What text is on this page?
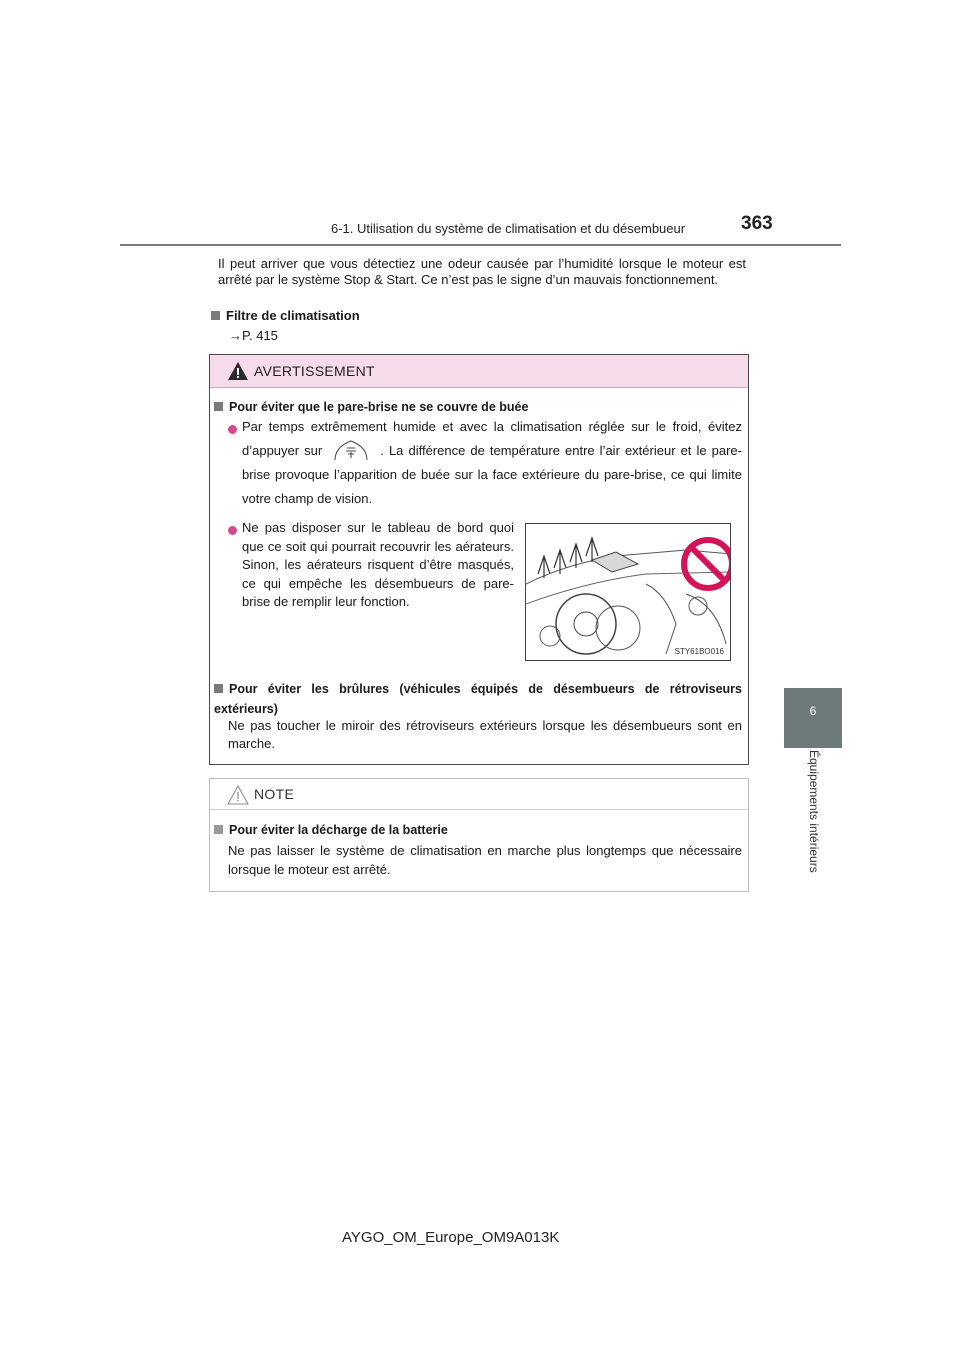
6-1. Utilisation du système de climatisation et du désembueur	363
6
Équipements intérieurs
Il peut arriver que vous détectiez une odeur causée par l’humidité lorsque le moteur est arrêté par le système Stop & Start. Ce n’est pas le signe d’un mauvais fonctionnement.
Filtre de climatisation
→P. 415
AVERTISSEMENT
Pour éviter que le pare-brise ne se couvre de buée
Par temps extrêmement humide et avec la climatisation réglée sur le froid, évitez d’appuyer sur	. La différence de température entre l’air extérieur et le pare-brise provoque l’apparition de buée sur la face extérieure du pare-brise, ce qui limite votre champ de vision.
Ne pas disposer sur le tableau de bord quoi que ce soit qui pourrait recouvrir les aérateurs. Sinon, les aérateurs risquent d’être masqués, ce qui empêche les désembueurs de pare-brise de remplir leur fonction.
STY61BO016
Pour éviter les brûlures (véhicules équipés de désembueurs de rétroviseurs extérieurs)
Ne pas toucher le miroir des rétroviseurs extérieurs lorsque les désembueurs sont en marche.
NOTE
Pour éviter la décharge de la batterie
Ne pas laisser le système de climatisation en marche plus longtemps que nécessaire lorsque le moteur est arrêté.
AYGO_OM_Europe_OM9A013K
